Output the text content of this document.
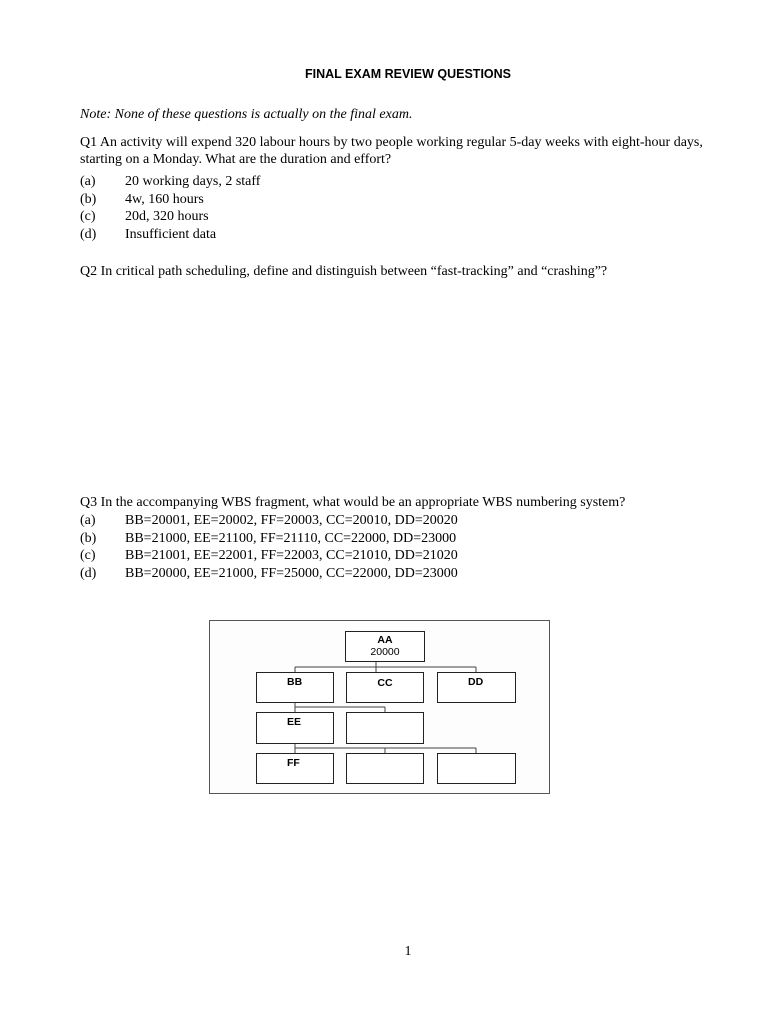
FINAL EXAM REVIEW QUESTIONS
Note: None of these questions is actually on the final exam.
Q1 An activity will expend 320 labour hours by two people working regular 5-day weeks with eight-hour days, starting on a Monday. What are the duration and effort?
(a) 20 working days, 2 staff
(b) 4w, 160 hours
(c) 20d, 320 hours
(d) Insufficient data
Q2 In critical path scheduling, define and distinguish between “fast-tracking” and “crashing”?
Q3 In the accompanying WBS fragment, what would be an appropriate WBS numbering system?
(a) BB=20001, EE=20002, FF=20003, CC=20010, DD=20020
(b) BB=21000, EE=21100, FF=21110, CC=22000, DD=23000
(c) BB=21001, EE=22001, FF=22003, CC=21010, DD=21020
(d) BB=20000, EE=21000, FF=25000, CC=22000, DD=23000
AA
20000
BB	CC	DD
EE
FF
1
